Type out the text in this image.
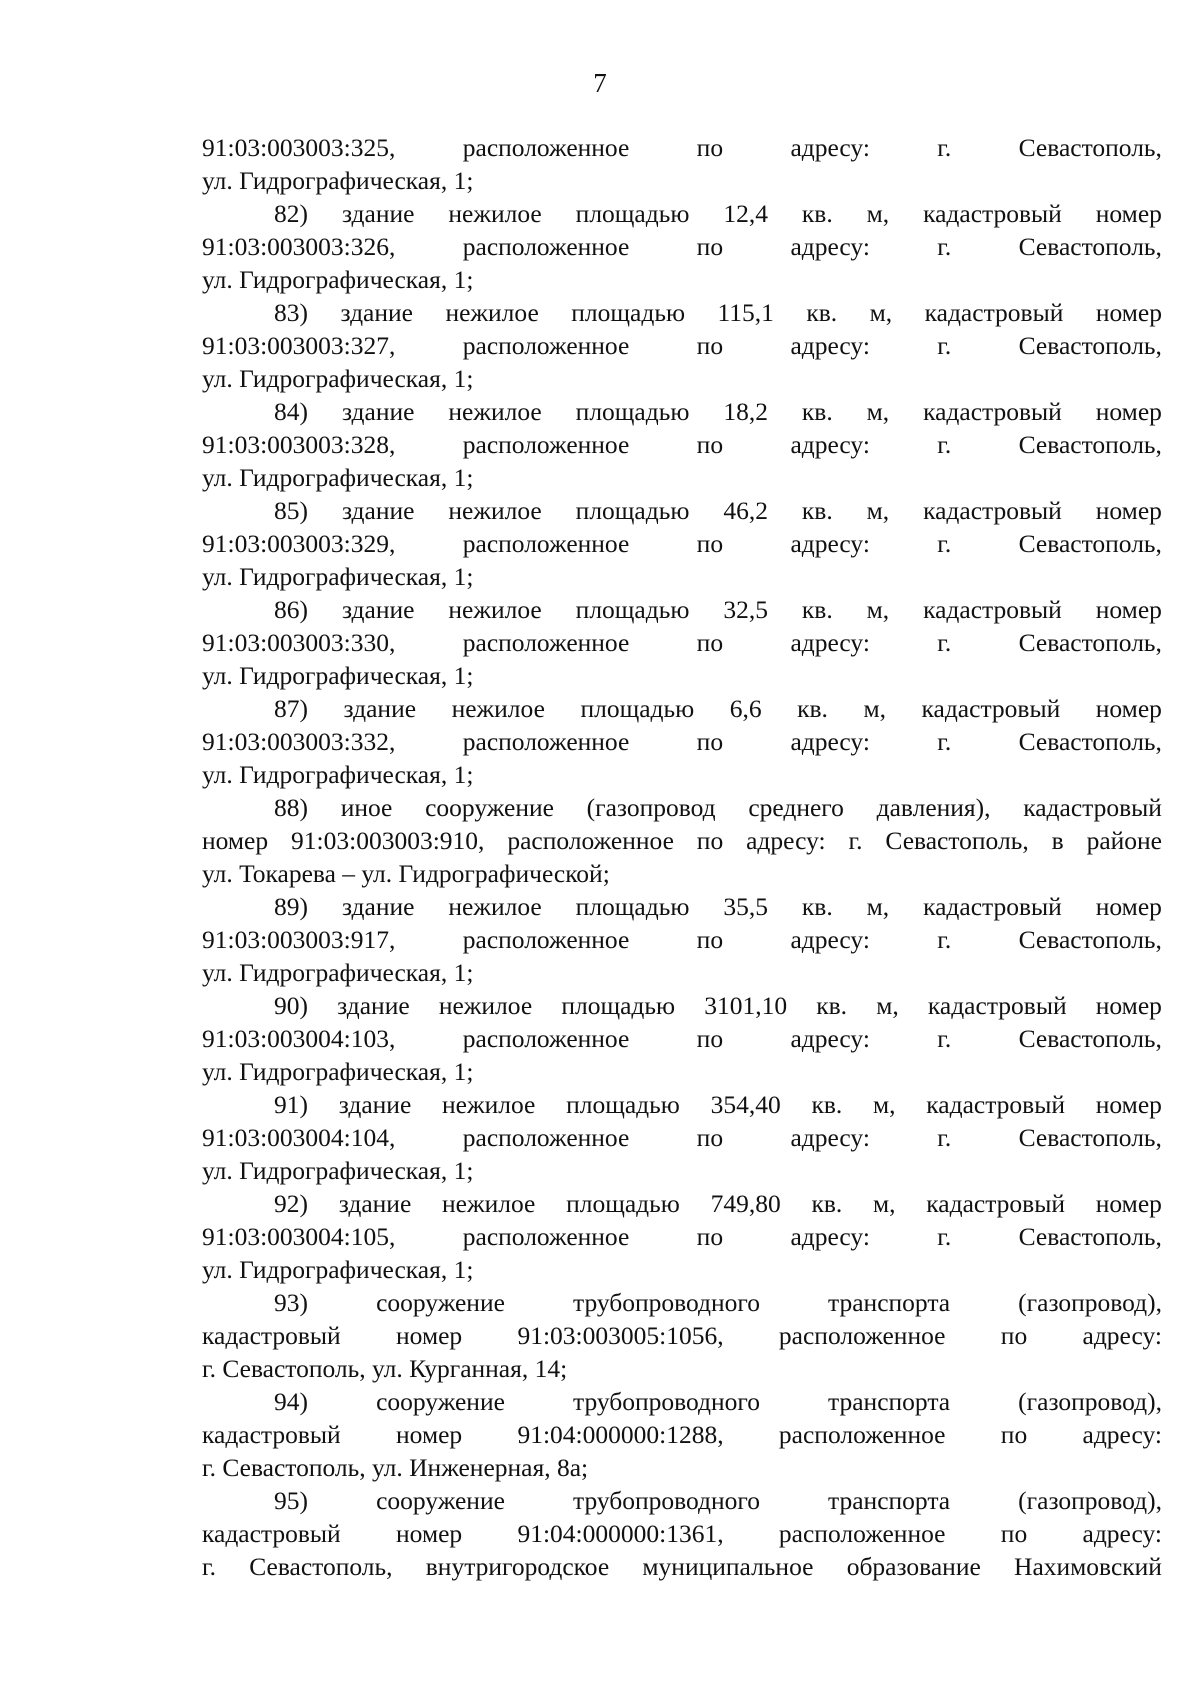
7
91:03:003003:325,	расположенное	по	адресу:	г.	Севастополь,
ул. Гидрографическая, 1;
82) здание нежилое площадью 12,4 кв. м, кадастровый номер
91:03:003003:326,	расположенное	по	адресу:	г.	Севастополь,
ул. Гидрографическая, 1;
83) здание нежилое площадью 115,1 кв. м, кадастровый номер
91:03:003003:327,	расположенное	по	адресу:	г.	Севастополь,
ул. Гидрографическая, 1;
84) здание нежилое площадью 18,2 кв. м, кадастровый номер
91:03:003003:328,	расположенное	по	адресу:	г.	Севастополь,
ул. Гидрографическая, 1;
85) здание нежилое площадью 46,2 кв. м, кадастровый номер
91:03:003003:329,	расположенное	по	адресу:	г.	Севастополь,
ул. Гидрографическая, 1;
86) здание нежилое площадью 32,5 кв. м, кадастровый номер
91:03:003003:330,	расположенное	по	адресу:	г.	Севастополь,
ул. Гидрографическая, 1;
87) здание нежилое площадью 6,6 кв. м, кадастровый номер
91:03:003003:332,	расположенное	по	адресу:	г.	Севастополь,
ул. Гидрографическая, 1;
88) иное сооружение (газопровод среднего давления), кадастровый
номер 91:03:003003:910, расположенное по адресу: г. Севастополь, в районе
ул. Токарева – ул. Гидрографической;
89) здание нежилое площадью 35,5 кв. м, кадастровый номер
91:03:003003:917,	расположенное	по	адресу:	г.	Севастополь,
ул. Гидрографическая, 1;
90) здание нежилое площадью 3101,10 кв. м, кадастровый номер
91:03:003004:103,	расположенное	по	адресу:	г.	Севастополь,
ул. Гидрографическая, 1;
91) здание нежилое площадью 354,40 кв. м, кадастровый номер
91:03:003004:104,	расположенное	по	адресу:	г.	Севастополь,
ул. Гидрографическая, 1;
92) здание нежилое площадью 749,80 кв. м, кадастровый номер
91:03:003004:105,	расположенное	по	адресу:	г.	Севастополь,
ул. Гидрографическая, 1;
93)	сооружение	трубопроводного	транспорта	(газопровод),
кадастровый номер 91:03:003005:1056, расположенное по адресу:
г. Севастополь, ул. Курганная, 14;
94)	сооружение	трубопроводного	транспорта	(газопровод),
кадастровый номер 91:04:000000:1288, расположенное по адресу:
г. Севастополь, ул. Инженерная, 8а;
95)	сооружение	трубопроводного	транспорта	(газопровод),
кадастровый номер 91:04:000000:1361, расположенное по адресу:
г. Севастополь, внутригородское муниципальное образование Нахимовский
